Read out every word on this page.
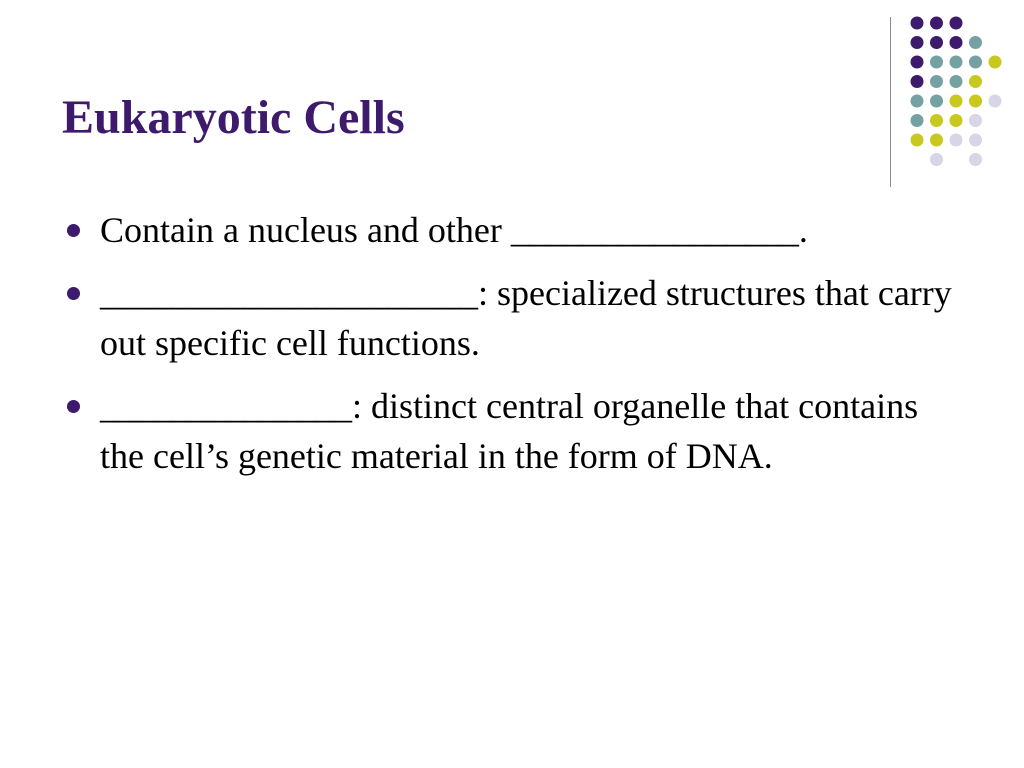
Eukaryotic Cells
Contain a nucleus and other ________________.
_____________________: specialized structures that carry out specific cell functions.
______________: distinct central organelle that contains the cell’s genetic material in the form of DNA.
